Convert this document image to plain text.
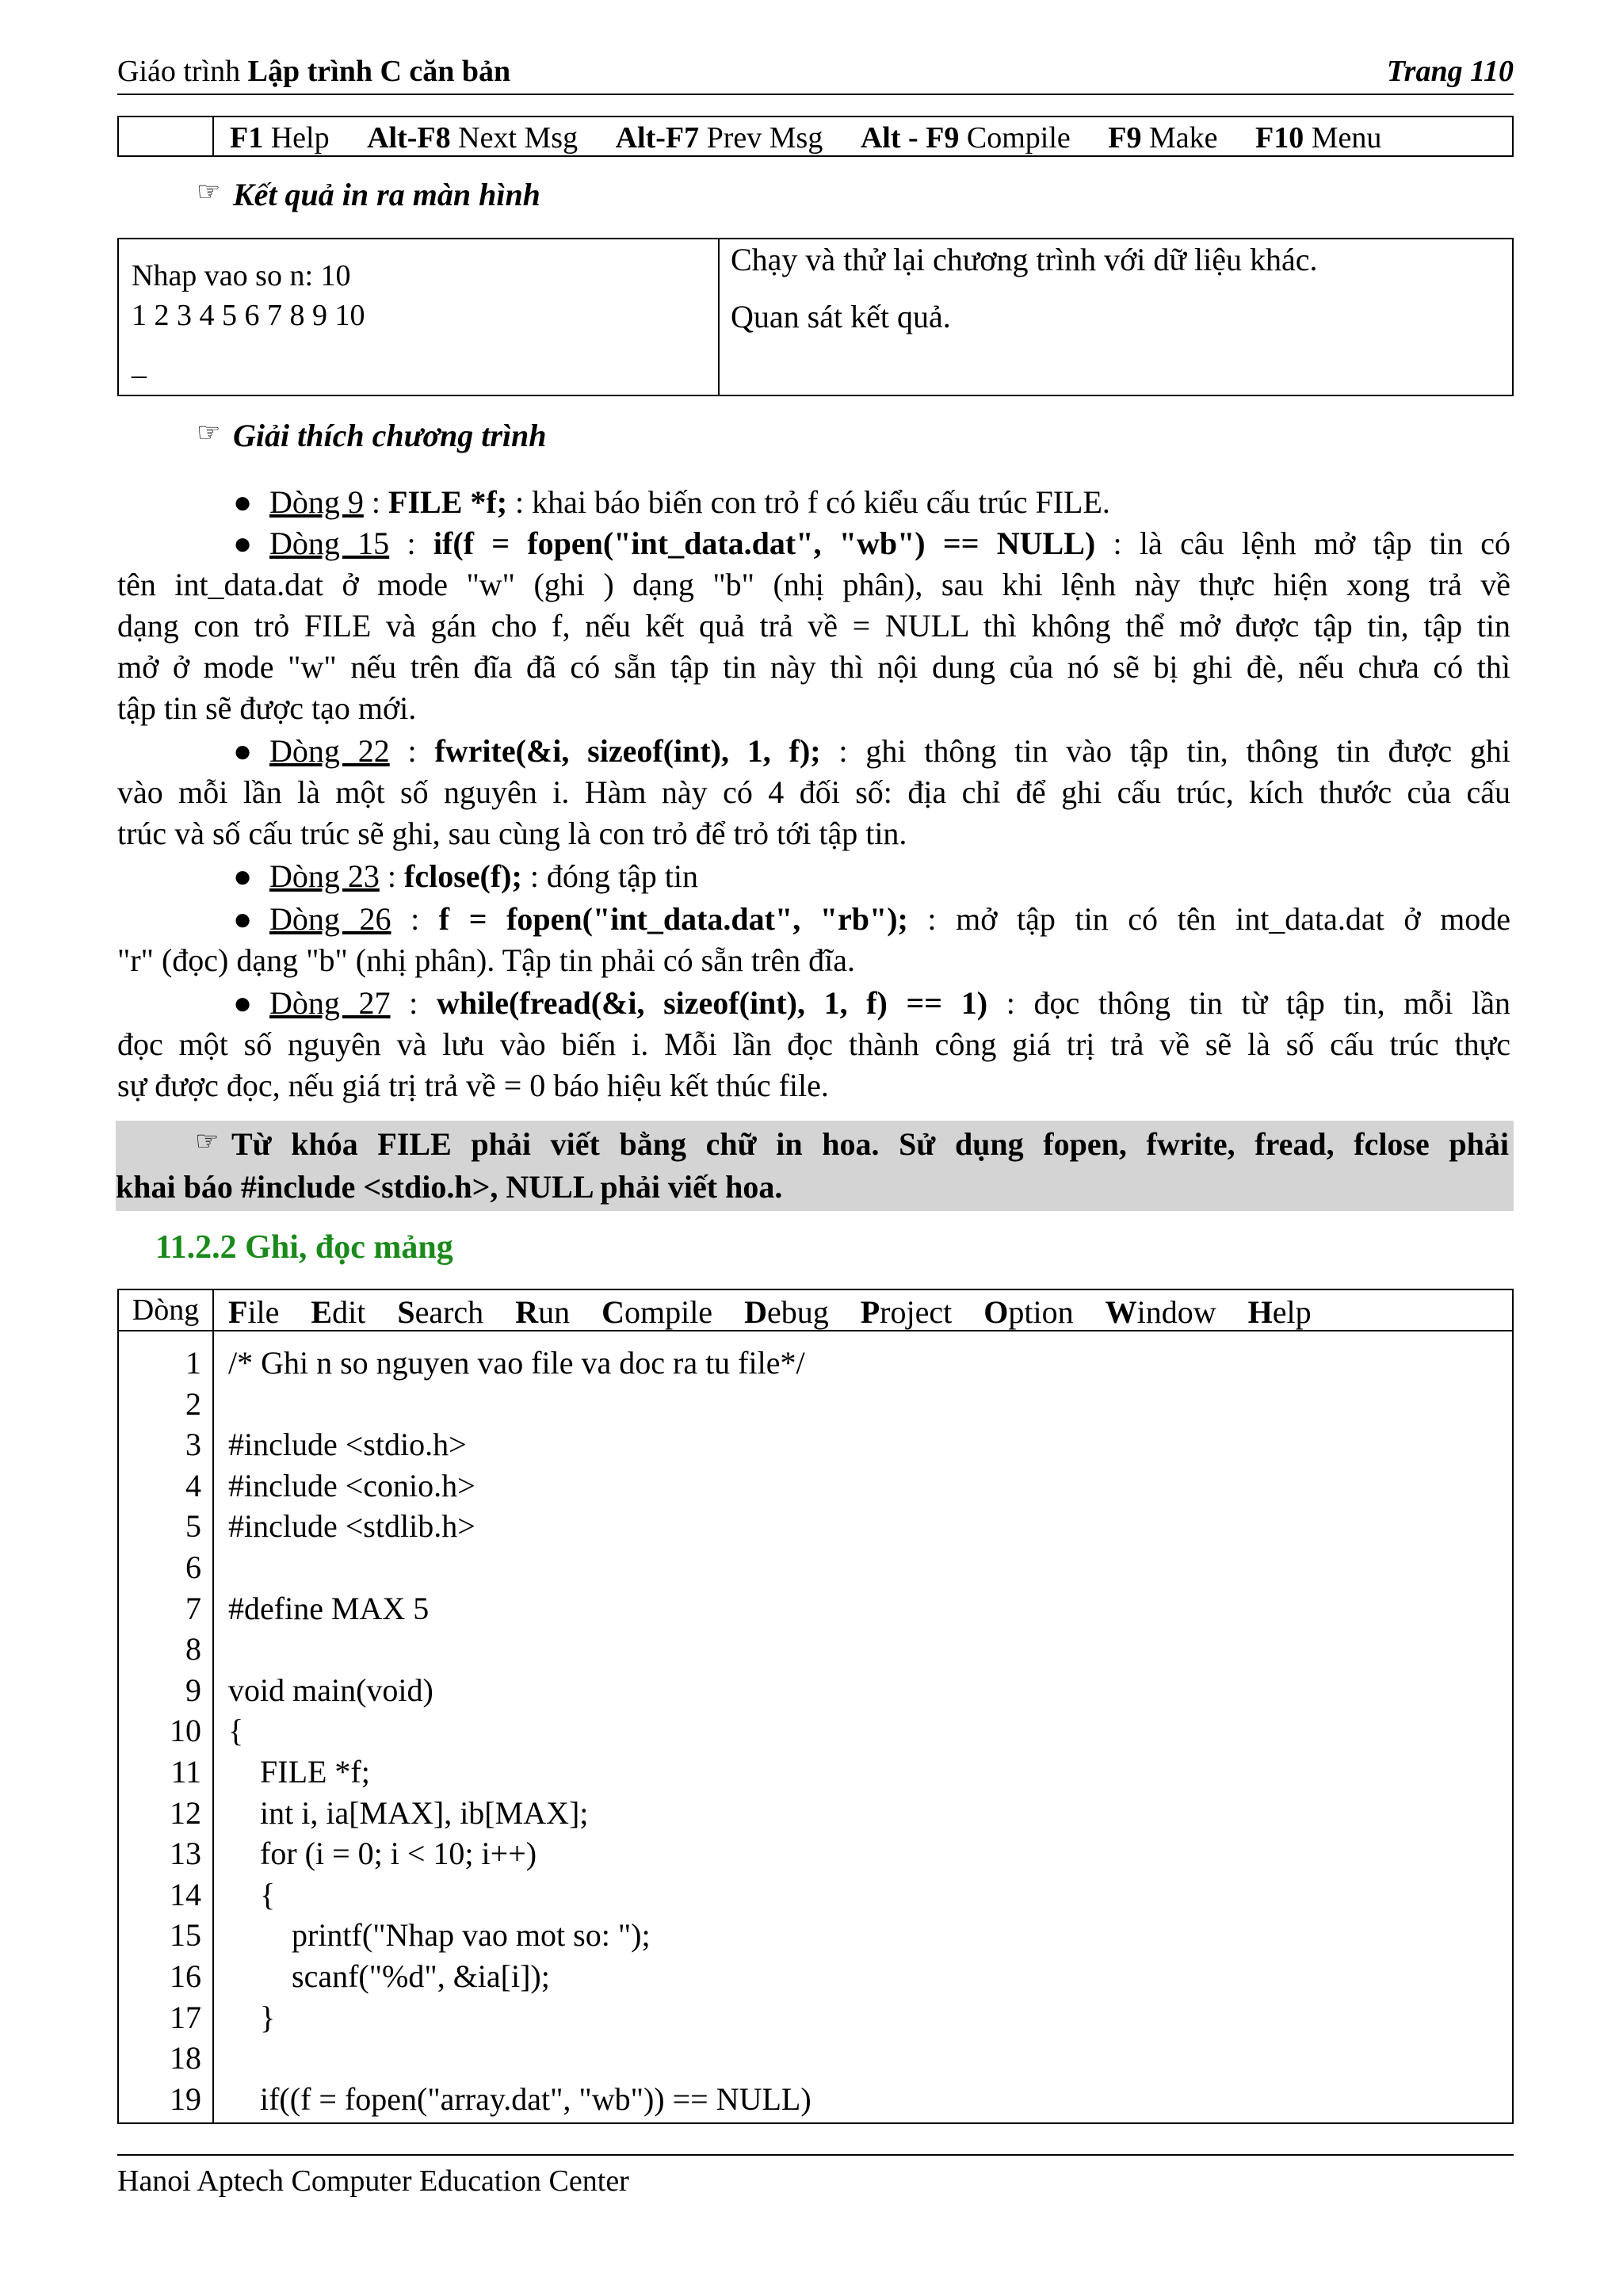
Giáo trình Lập trình C căn bản	Trang 110
F1 Help Alt-F8 Next Msg Alt-F7 Prev Msg Alt - F9 Compile F9 Make F10 Menu
☞ Kết quả in ra màn hình
Nhap vao so n: 10
1 2 3 4 5 6 7 8 9 10
_
Chạy và thử lại chương trình với dữ liệu khác.
Quan sát kết quả.
☞ Giải thích chương trình
● Dòng 9 : FILE *f; : khai báo biến con trỏ f có kiểu cấu trúc FILE.
● Dòng 15 : if(f = fopen("int_data.dat", "wb") == NULL) : là câu lệnh mở tập tin có
tên int_data.dat ở mode "w" (ghi ) dạng "b" (nhị phân), sau khi lệnh này thực hiện xong trả về
dạng con trỏ FILE và gán cho f, nếu kết quả trả về = NULL thì không thể mở được tập tin, tập tin
mở ở mode "w" nếu trên đĩa đã có sẵn tập tin này thì nội dung của nó sẽ bị ghi đè, nếu chưa có thì
tập tin sẽ được tạo mới.
● Dòng 22 : fwrite(&i, sizeof(int), 1, f); : ghi thông tin vào tập tin, thông tin được ghi
vào mỗi lần là một số nguyên i. Hàm này có 4 đối số: địa chỉ để ghi cấu trúc, kích thước của cấu
trúc và số cấu trúc sẽ ghi, sau cùng là con trỏ để trỏ tới tập tin.
● Dòng 23 : fclose(f); : đóng tập tin
● Dòng 26 : f = fopen("int_data.dat", "rb"); : mở tập tin có tên int_data.dat ở mode
"r" (đọc) dạng "b" (nhị phân). Tập tin phải có sẵn trên đĩa.
● Dòng 27 : while(fread(&i, sizeof(int), 1, f) == 1) : đọc thông tin từ tập tin, mỗi lần
đọc một số nguyên và lưu vào biến i. Mỗi lần đọc thành công giá trị trả về sẽ là số cấu trúc thực
sự được đọc, nếu giá trị trả về = 0 báo hiệu kết thúc file.
☞ Từ khóa FILE phải viết bằng chữ in hoa. Sử dụng fopen, fwrite, fread, fclose phải
khai báo #include <stdio.h>, NULL phải viết hoa.
11.2.2 Ghi, đọc mảng
Dòng File Edit Search Run Compile Debug Project Option Window Help
1 /* Ghi n so nguyen vao file va doc ra tu file*/
2
3 #include <stdio.h>
4 #include <conio.h>
5 #include <stdlib.h>
6
7 #define MAX 5
8
9 void main(void)
10 {
11 FILE *f;
12 int i, ia[MAX], ib[MAX];
13 for (i = 0; i < 10; i++)
14 {
15 printf("Nhap vao mot so: ");
16 scanf("%d", &ia[i]);
17 }
18
19 if((f = fopen("array.dat", "wb")) == NULL)
Hanoi Aptech Computer Education Center
